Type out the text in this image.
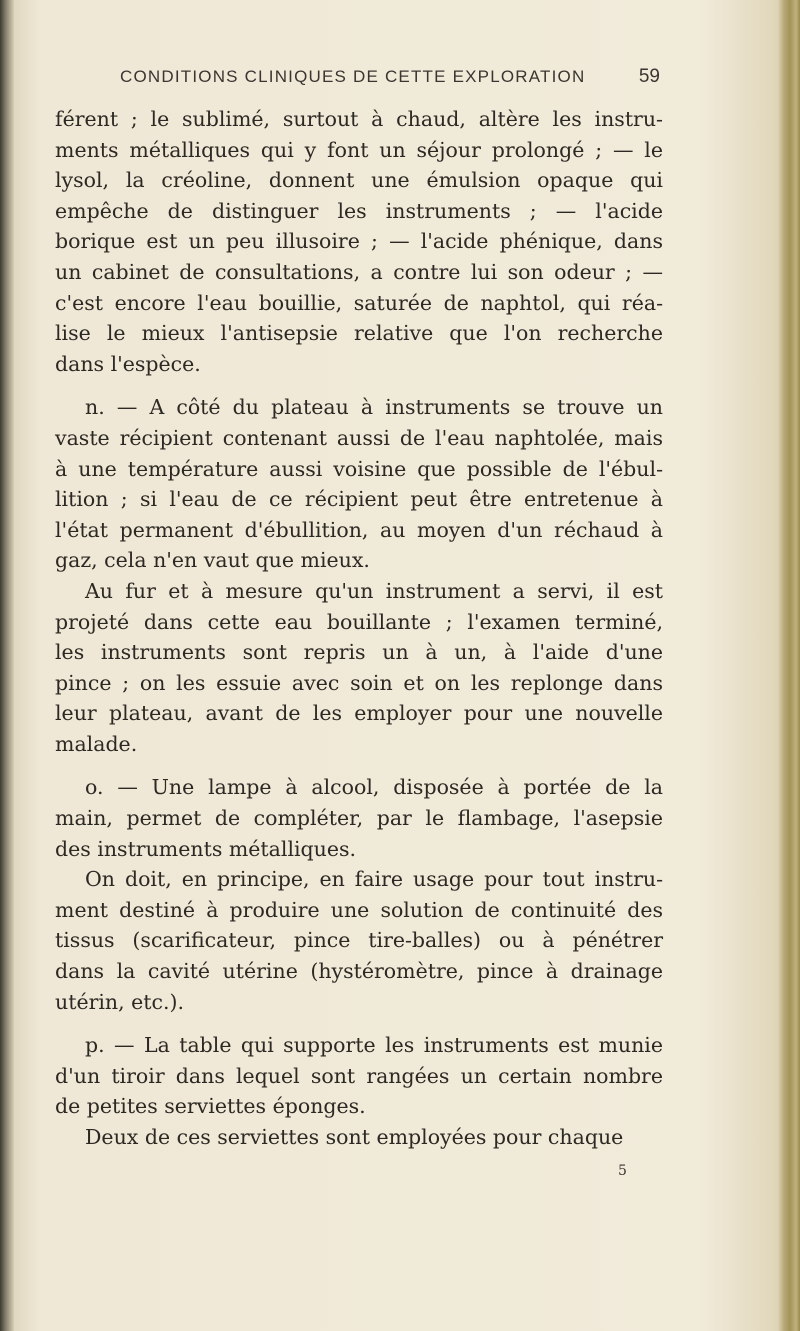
CONDITIONS CLINIQUES DE CETTE EXPLORATION	59
férent ; le sublimé, surtout à chaud, altère les instru-
ments métalliques qui y font un séjour prolongé ; — le
lysol, la créoline, donnent une émulsion opaque qui
empêche de distinguer les instruments ; — l'acide
borique est un peu illusoire ; — l'acide phénique, dans
un cabinet de consultations, a contre lui son odeur ; —
c'est encore l'eau bouillie, saturée de naphtol, qui réa-
lise le mieux l'antisepsie relative que l'on recherche
dans l'espèce.
n. — A côté du plateau à instruments se trouve un
vaste récipient contenant aussi de l'eau naphtolée, mais
à une température aussi voisine que possible de l'ébul-
lition ; si l'eau de ce récipient peut être entretenue à
l'état permanent d'ébullition, au moyen d'un réchaud à
gaz, cela n'en vaut que mieux.
Au fur et à mesure qu'un instrument a servi, il est
projeté dans cette eau bouillante ; l'examen terminé,
les instruments sont repris un à un, à l'aide d'une
pince ; on les essuie avec soin et on les replonge dans
leur plateau, avant de les employer pour une nouvelle
malade.
o. — Une lampe à alcool, disposée à portée de la
main, permet de compléter, par le flambage, l'asepsie
des instruments métalliques.
On doit, en principe, en faire usage pour tout instru-
ment destiné à produire une solution de continuité des
tissus (scarificateur, pince tire-balles) ou à pénétrer
dans la cavité utérine (hystéromètre, pince à drainage
utérin, etc.).
p. — La table qui supporte les instruments est munie
d'un tiroir dans lequel sont rangées un certain nombre
de petites serviettes éponges.
Deux de ces serviettes sont employées pour chaque
5
